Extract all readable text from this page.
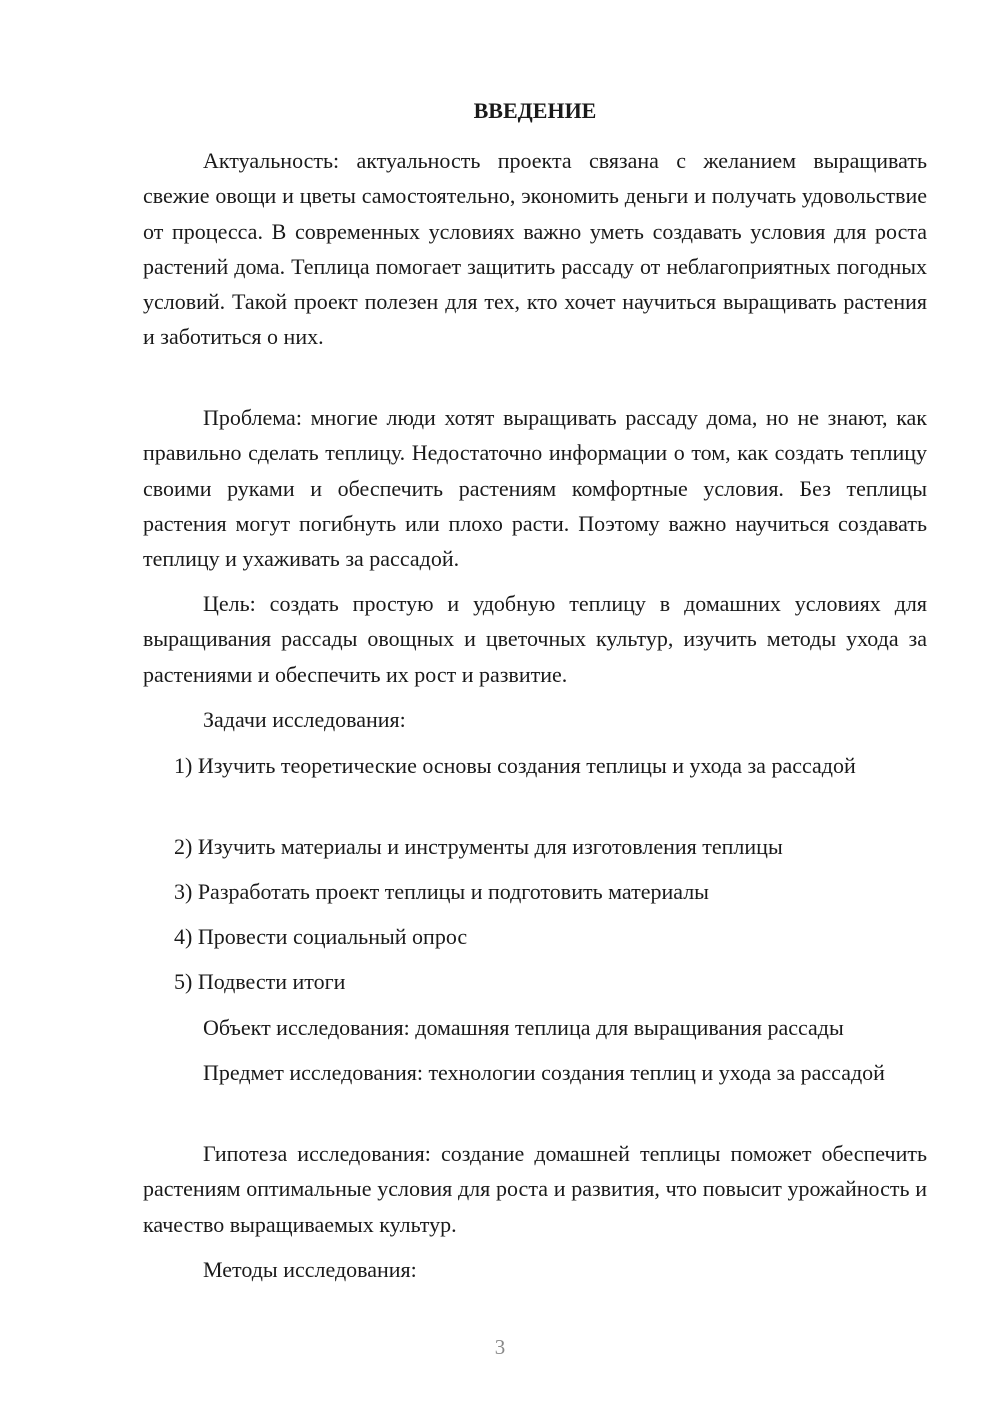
ВВЕДЕНИЕ

Актуальность: актуальность проекта связана с желанием выращивать свежие овощи и цветы самостоятельно, экономить деньги и получать удовольствие от процесса. В современных условиях важно уметь создавать условия для роста растений дома. Теплица помогает защитить рассаду от неблагоприятных погодных условий. Такой проект полезен для тех, кто хочет научиться выращивать растения и заботиться о них.

Проблема: многие люди хотят выращивать рассаду дома, но не знают, как правильно сделать теплицу. Недостаточно информации о том, как создать теплицу своими руками и обеспечить растениям комфортные условия. Без теплицы растения могут погибнуть или плохо расти. Поэтому важно научиться создавать теплицу и ухаживать за рассадой.

Цель: создать простую и удобную теплицу в домашних условиях для выращивания рассады овощных и цветочных культур, изучить методы ухода за растениями и обеспечить их рост и развитие.

Задачи исследования:

1) Изучить теоретические основы создания теплицы и ухода за рассадой

2) Изучить материалы и инструменты для изготовления теплицы

3) Разработать проект теплицы и подготовить материалы

4) Провести социальный опрос

5) Подвести итоги

Объект исследования: домашняя теплица для выращивания рассады

Предмет исследования: технологии создания теплиц и ухода за рассадой

Гипотеза исследования: создание домашней теплицы поможет обеспечить растениям оптимальные условия для роста и развития, что повысит урожайность и качество выращиваемых культур.

Методы исследования:

3
